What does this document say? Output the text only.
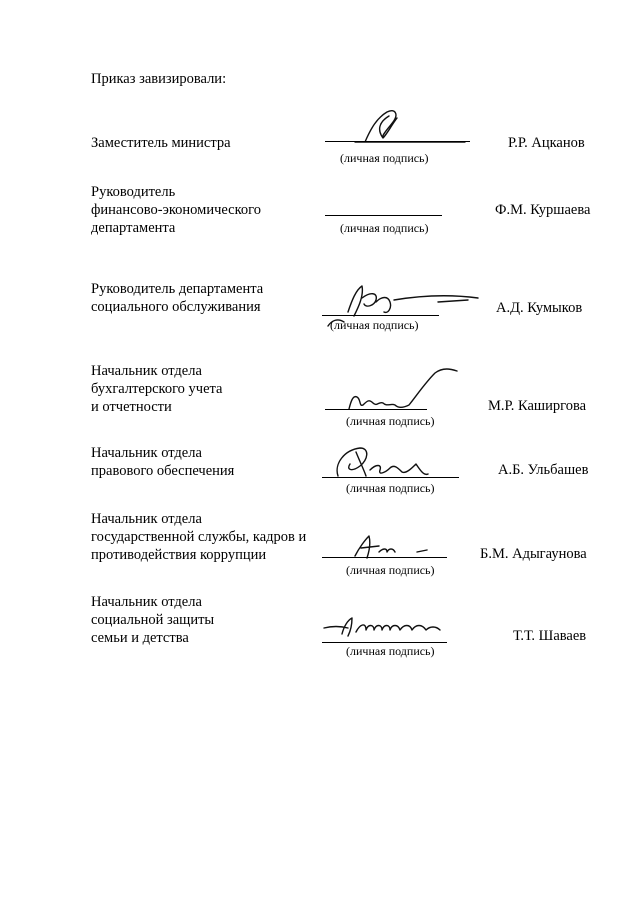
Приказ завизировали:
Заместитель министра
(личная подпись)
Р.Р. Ацканов
Руководитель
финансово-экономического
департамента	(личная подпись)
Ф.М. Куршаева
Руководитель департамента
социального обслуживания
(личная подпись)
А.Д. Кумыков
Начальник отдела
бухгалтерского учета
и отчетности
(личная подпись)
М.Р. Каширгова
Начальник отдела
правового обеспечения
(личная подпись)
А.Б. Ульбашев
Начальник отдела
государственной службы, кадров и
противодействия коррупции
(личная подпись)
Б.М. Адыгаунова
Начальник отдела
социальной защиты
семьи и детства
(личная подпись)
Т.Т. Шаваев
